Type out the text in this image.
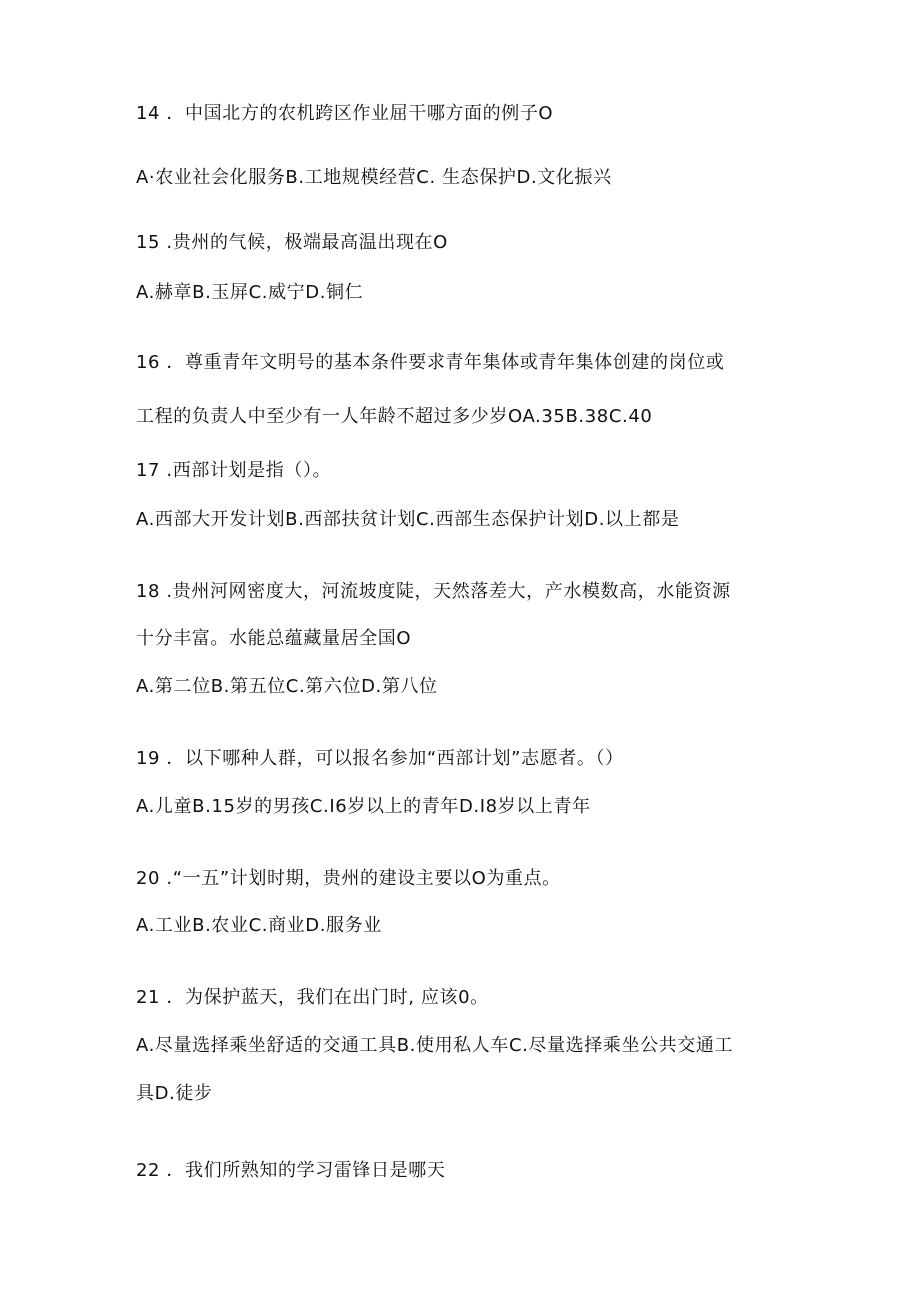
14 ．中国北方的农机跨区作业屈干哪方面的例子O
A·农业社会化服务B.工地规模经营C. 生态保护D.文化振兴
15 .贵州的气候，极端最高温出现在O
A.赫章B.玉屏C.威宁D.铜仁
16 ．尊重青年文明号的基本条件要求青年集体或青年集体创建的岗位或
工程的负责人中至少有一人年龄不超过多少岁OA.35B.38C.40
17 .西部计划是指（）。
A.西部大开发计划B.西部扶贫计划C.西部生态保护计划D.以上都是
18 .贵州河网密度大，河流坡度陡，天然落差大，产水模数高，水能资源
十分丰富。水能总蕴藏量居全国O
A.第二位B.第五位C.第六位D.第八位
19 ．以下哪种人群，可以报名参加“西部计划”志愿者。（）
A.儿童B.15岁的男孩C.I6岁以上的青年D.I8岁以上青年
20 .“一五”计划时期，贵州的建设主要以O为重点。
A.工业B.农业C.商业D.服务业
21 ．为保护蓝天，我们在出门时, 应该0。
A.尽量选择乘坐舒适的交通工具B.使用私人车C.尽量选择乘坐公共交通工
具D.徒步
22 ．我们所熟知的学习雷锋日是哪天
